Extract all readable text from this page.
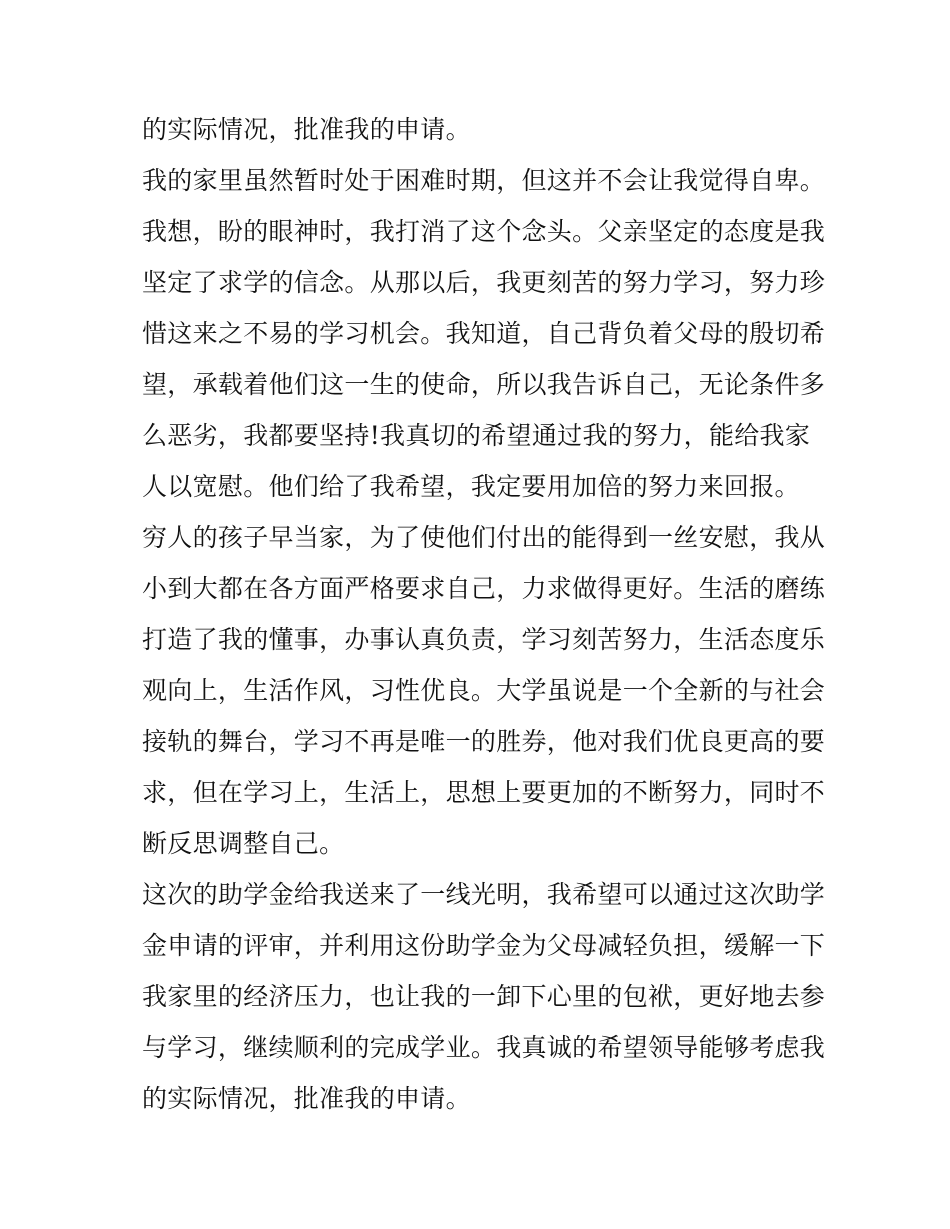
的实际情况，批准我的申请。
我的家里虽然暂时处于困难时期，但这并不会让我觉得自卑。
我想，盼的眼神时，我打消了这个念头。父亲坚定的态度是我
坚定了求学的信念。从那以后，我更刻苦的努力学习，努力珍
惜这来之不易的学习机会。我知道，自己背负着父母的殷切希
望，承载着他们这一生的使命，所以我告诉自己，无论条件多
么恶劣，我都要坚持!我真切的希望通过我的努力，能给我家
人以宽慰。他们给了我希望，我定要用加倍的努力来回报。
穷人的孩子早当家，为了使他们付出的能得到一丝安慰，我从
小到大都在各方面严格要求自己，力求做得更好。生活的磨练
打造了我的懂事，办事认真负责，学习刻苦努力，生活态度乐
观向上，生活作风，习性优良。大学虽说是一个全新的与社会
接轨的舞台，学习不再是唯一的胜券，他对我们优良更高的要
求，但在学习上，生活上，思想上要更加的不断努力，同时不
断反思调整自己。
这次的助学金给我送来了一线光明，我希望可以通过这次助学
金申请的评审，并利用这份助学金为父母减轻负担，缓解一下
我家里的经济压力，也让我的一卸下心里的包袱，更好地去参
与学习，继续顺利的完成学业。我真诚的希望领导能够考虑我
的实际情况，批准我的申请。
